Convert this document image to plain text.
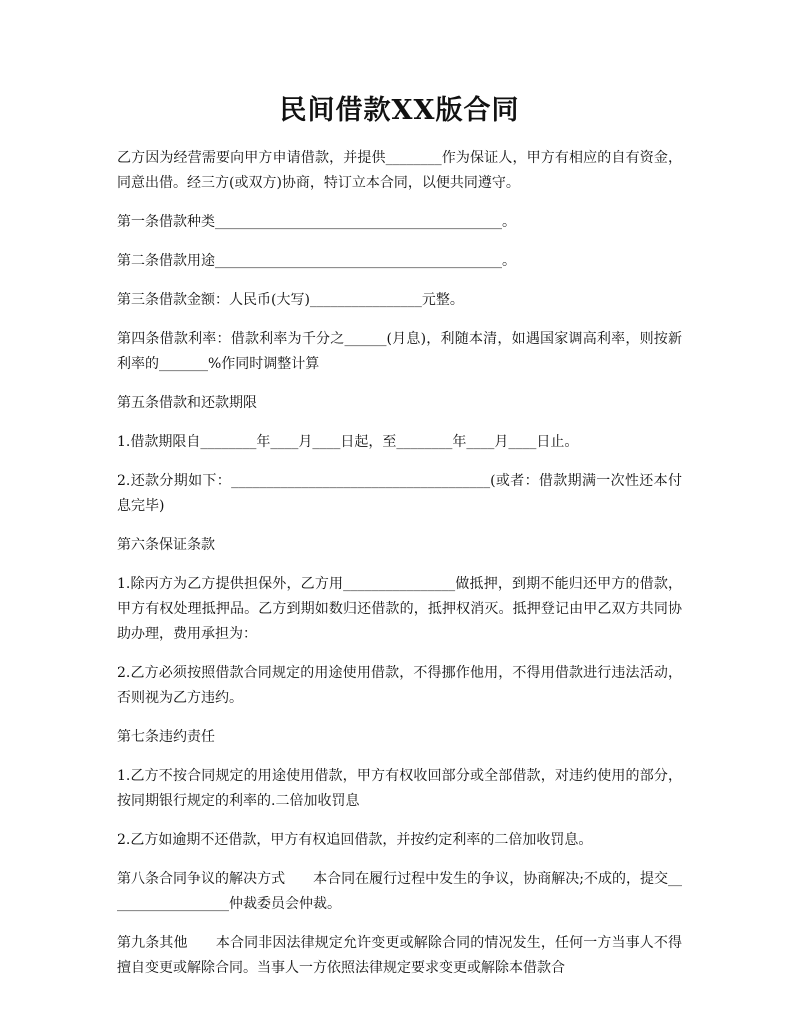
民间借款XX版合同

乙方因为经营需要向甲方申请借款，并提供________作为保证人，甲方有相应的自有资金，同意出借。经三方(或双方)协商，特订立本合同，以便共同遵守。

第一条借款种类_________________________________________。

第二条借款用途_________________________________________。

第三条借款金额：人民币(大写)________________元整。

第四条借款利率：借款利率为千分之______(月息)，利随本清，如遇国家调高利率，则按新利率的_______%作同时调整计算

第五条借款和还款期限

1.借款期限自________年____月____日起，至________年____月____日止。

2.还款分期如下：_____________________________________(或者：借款期满一次性还本付息完毕)

第六条保证条款

1.除丙方为乙方提供担保外，乙方用________________做抵押，到期不能归还甲方的借款，甲方有权处理抵押品。乙方到期如数归还借款的，抵押权消灭。抵押登记由甲乙双方共同协助办理，费用承担为：

2.乙方必须按照借款合同规定的用途使用借款，不得挪作他用，不得用借款进行违法活动，否则视为乙方违约。

第七条违约责任

1.乙方不按合同规定的用途使用借款，甲方有权收回部分或全部借款，对违约使用的部分，按同期银行规定的利率的.二倍加收罚息

2.乙方如逾期不还借款，甲方有权追回借款，并按约定利率的二倍加收罚息。

第八条合同争议的解决方式　　本合同在履行过程中发生的争议，协商解决;不成的，提交__________________仲裁委员会仲裁。

第九条其他　　本合同非因法律规定允许变更或解除合同的情况发生，任何一方当事人不得擅自变更或解除合同。当事人一方依照法律规定要求变更或解除本借款合
